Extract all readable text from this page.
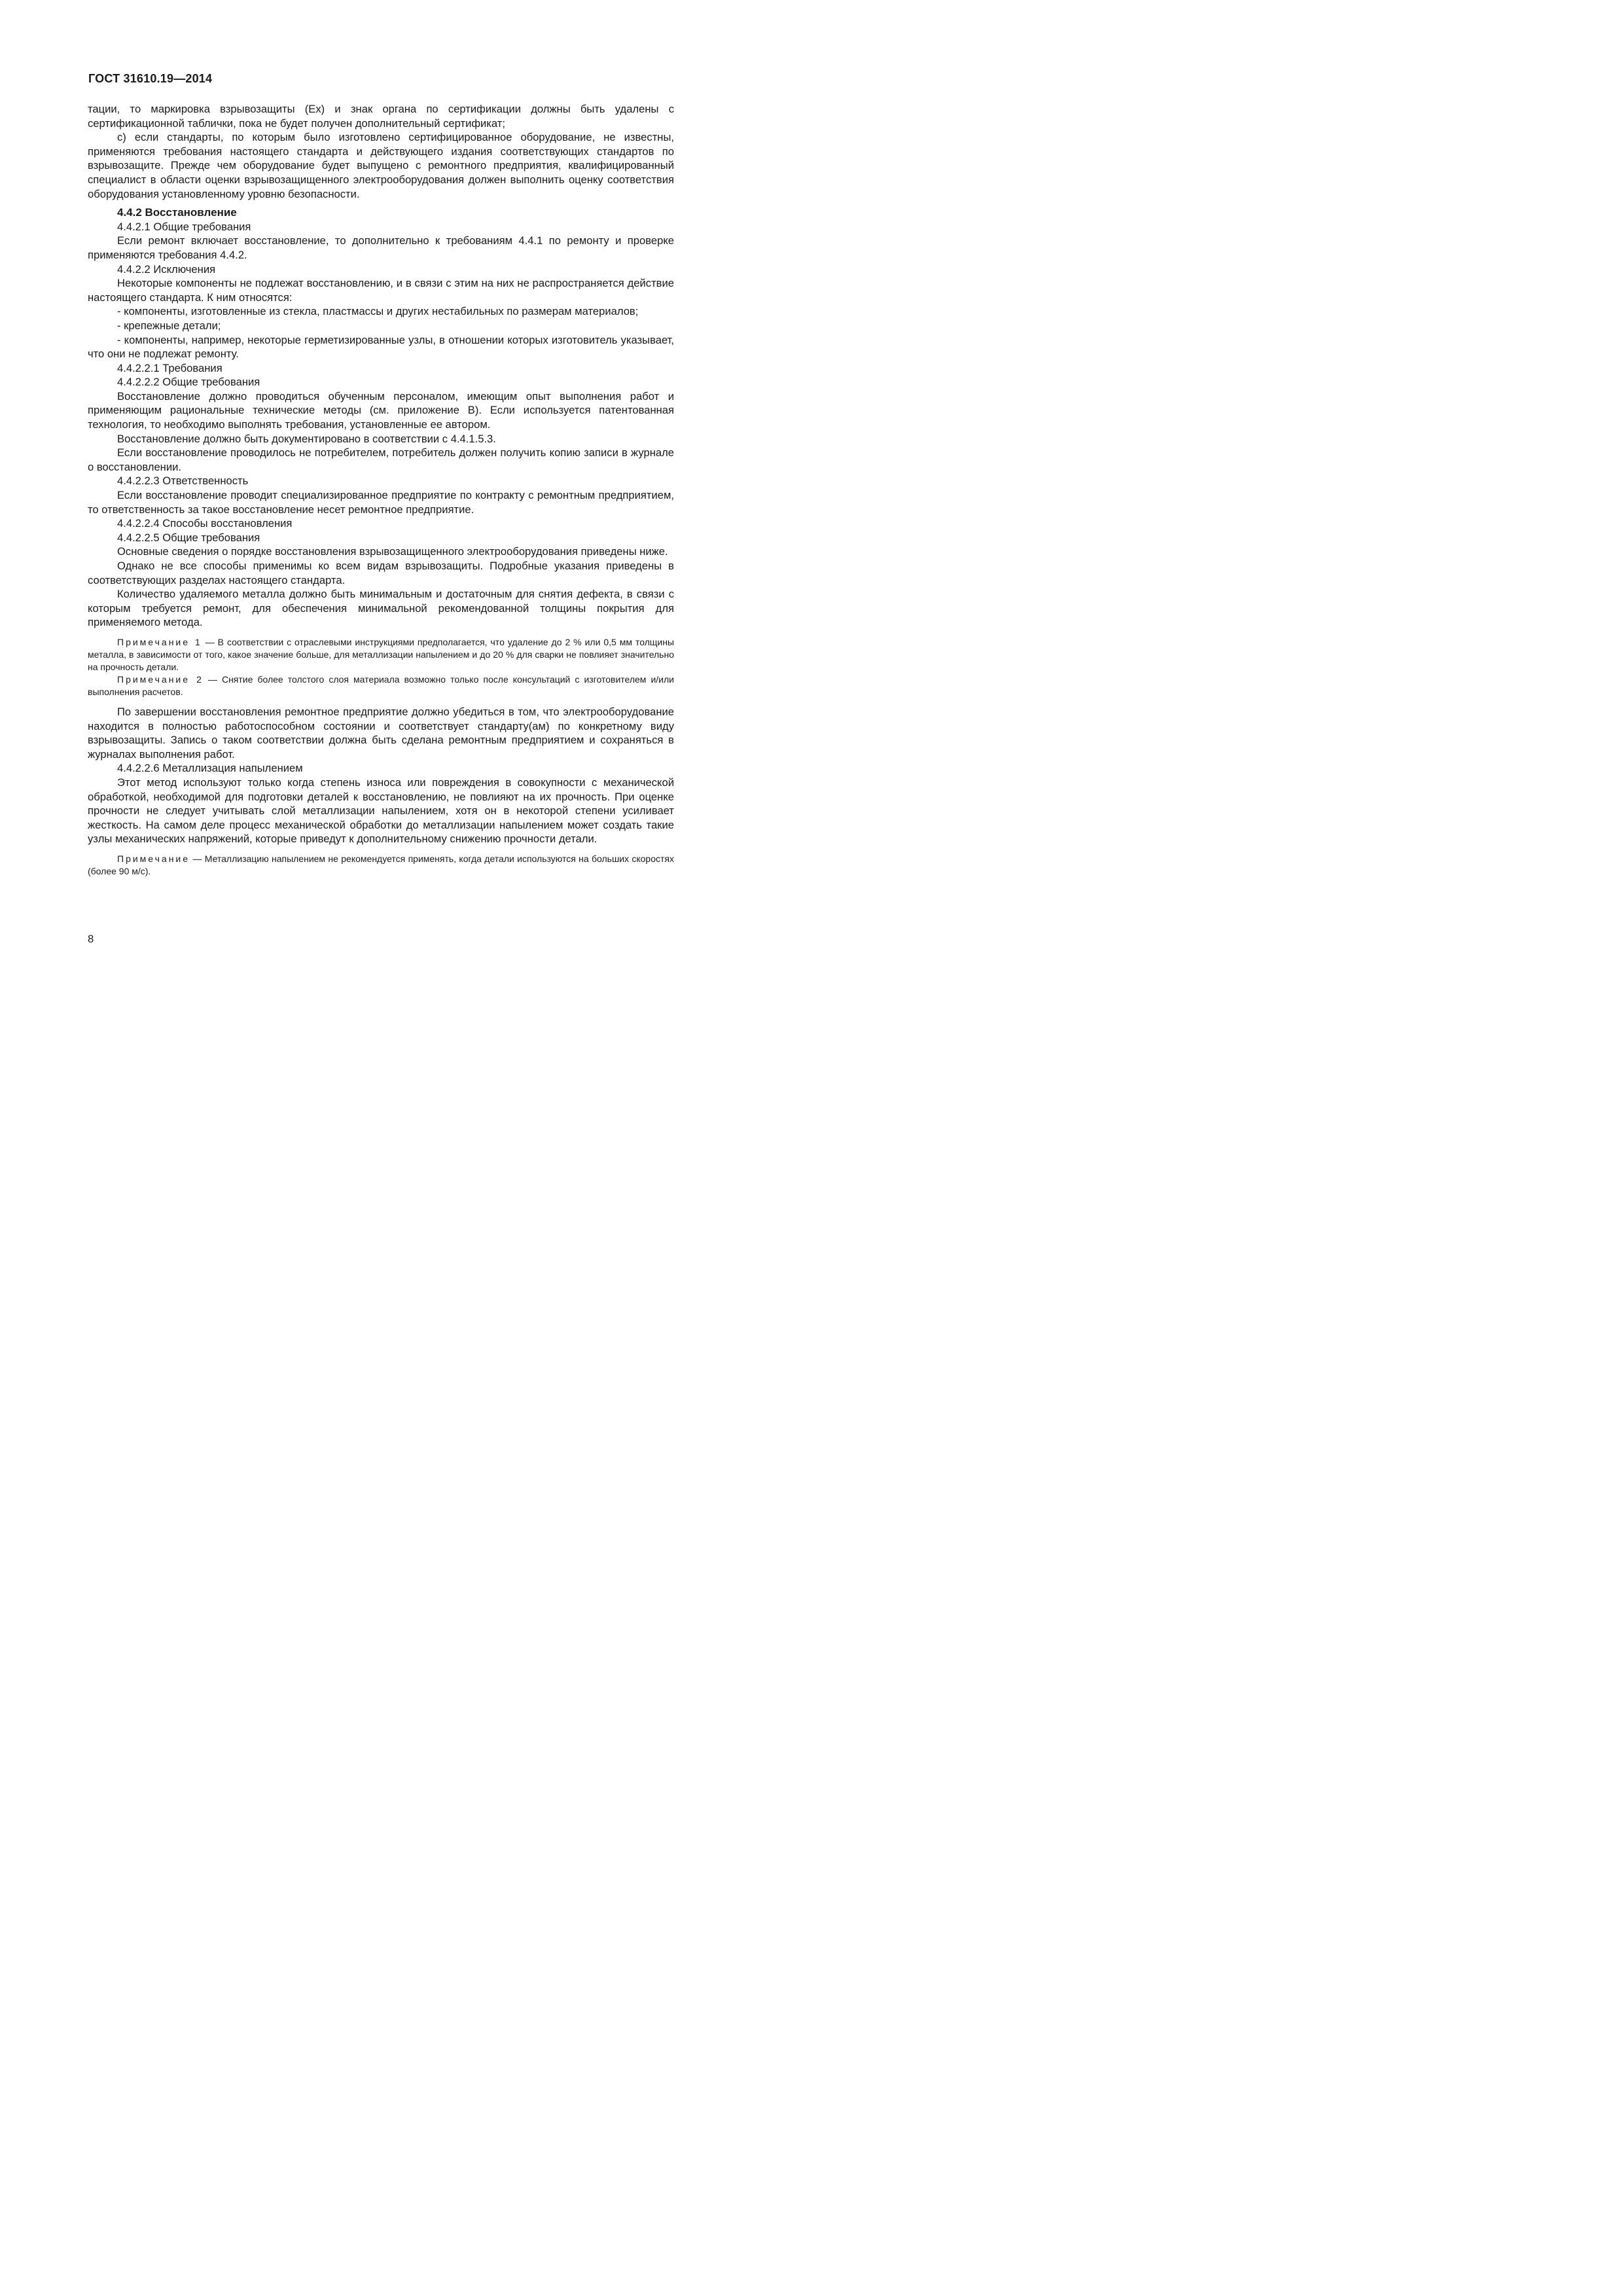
ГОСТ 31610.19—2014

тации, то маркировка взрывозащиты (Ex) и знак органа по сертификации должны быть удалены с сертификационной таблички, пока не будет получен дополнительный сертификат;

c) если стандарты, по которым было изготовлено сертифицированное оборудование, не известны, применяются требования настоящего стандарта и действующего издания соответствующих стандартов по взрывозащите. Прежде чем оборудование будет выпущено с ремонтного предприятия, квалифицированный специалист в области оценки взрывозащищенного электрооборудования должен выполнить оценку соответствия оборудования установленному уровню безопасности.

4.4.2 Восстановление

4.4.2.1 Общие требования

Если ремонт включает восстановление, то дополнительно к требованиям 4.4.1 по ремонту и проверке применяются требования 4.4.2.

4.4.2.2 Исключения

Некоторые компоненты не подлежат восстановлению, и в связи с этим на них не распространяется действие настоящего стандарта. К ним относятся:

- компоненты, изготовленные из стекла, пластмассы и других нестабильных по размерам материалов;

- крепежные детали;

- компоненты, например, некоторые герметизированные узлы, в отношении которых изготовитель указывает, что они не подлежат ремонту.

4.4.2.2.1 Требования

4.4.2.2.2 Общие требования

Восстановление должно проводиться обученным персоналом, имеющим опыт выполнения работ и применяющим рациональные технические методы (см. приложение В). Если используется патентованная технология, то необходимо выполнять требования, установленные ее автором.

Восстановление должно быть документировано в соответствии с 4.4.1.5.3.

Если восстановление проводилось не потребителем, потребитель должен получить копию записи в журнале о восстановлении.

4.4.2.2.3 Ответственность

Если восстановление проводит специализированное предприятие по контракту с ремонтным предприятием, то ответственность за такое восстановление несет ремонтное предприятие.

4.4.2.2.4 Способы восстановления

4.4.2.2.5 Общие требования

Основные сведения о порядке восстановления взрывозащищенного электрооборудования приведены ниже.

Однако не все способы применимы ко всем видам взрывозащиты. Подробные указания приведены в соответствующих разделах настоящего стандарта.

Количество удаляемого металла должно быть минимальным и достаточным для снятия дефекта, в связи с которым требуется ремонт, для обеспечения минимальной рекомендованной толщины покрытия для применяемого метода.

Примечание 1 — В соответствии с отраслевыми инструкциями предполагается, что удаление до 2 % или 0,5 мм толщины металла, в зависимости от того, какое значение больше, для металлизации напылением и до 20 % для сварки не повлияет значительно на прочность детали.

Примечание 2 — Снятие более толстого слоя материала возможно только после консультаций с изготовителем и/или выполнения расчетов.

По завершении восстановления ремонтное предприятие должно убедиться в том, что электрооборудование находится в полностью работоспособном состоянии и соответствует стандарту(ам) по конкретному виду взрывозащиты. Запись о таком соответствии должна быть сделана ремонтным предприятием и сохраняться в журналах выполнения работ.

4.4.2.2.6 Металлизация напылением

Этот метод используют только когда степень износа или повреждения в совокупности с механической обработкой, необходимой для подготовки деталей к восстановлению, не повлияют на их прочность. При оценке прочности не следует учитывать слой металлизации напылением, хотя он в некоторой степени усиливает жесткость. На самом деле процесс механической обработки до металлизации напылением может создать такие узлы механических напряжений, которые приведут к дополнительному снижению прочности детали.

Примечание — Металлизацию напылением не рекомендуется применять, когда детали используются на больших скоростях (более 90 м/с).

8
